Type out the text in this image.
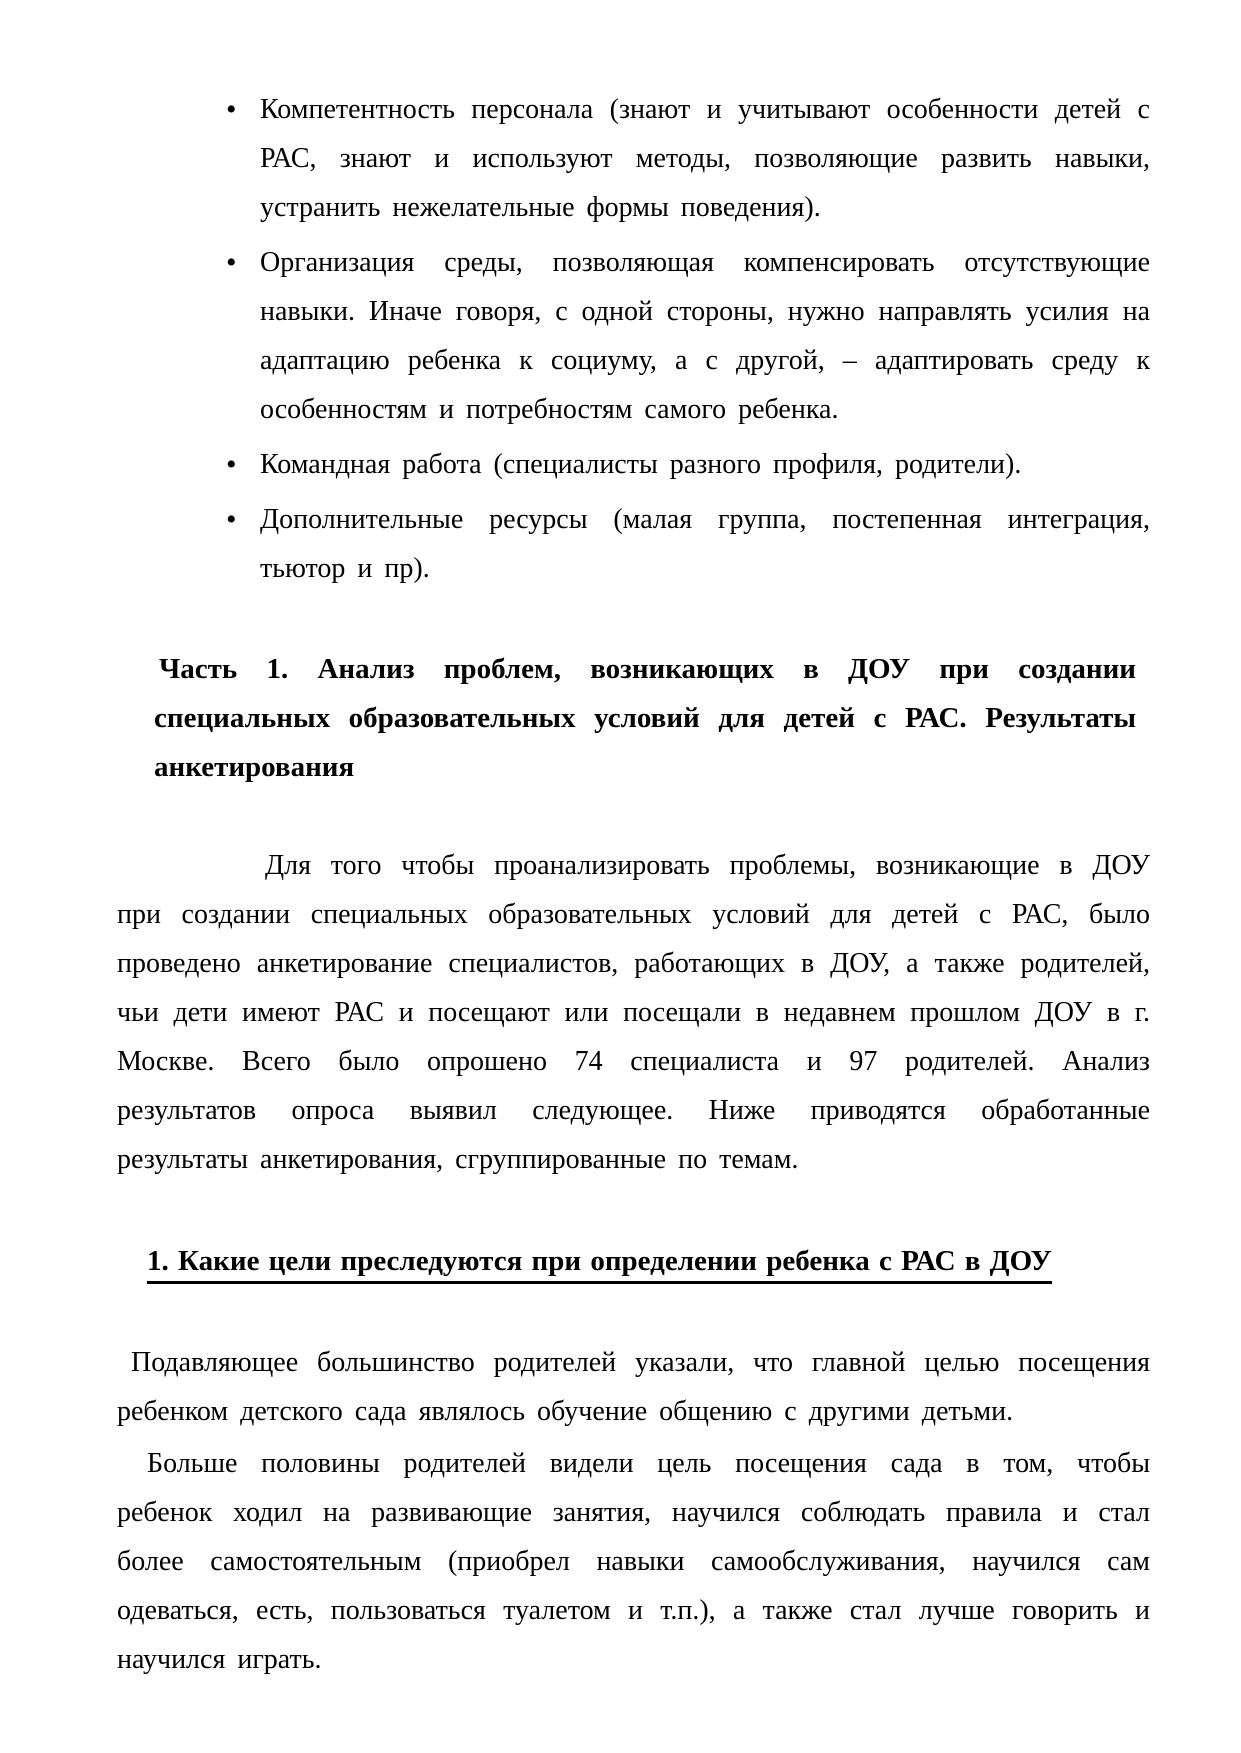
• Компетентность персонала (знают и учитывают особенности детей с РАС, знают и используют методы, позволяющие развить навыки, устранить нежелательные формы поведения).
• Организация среды, позволяющая компенсировать отсутствующие навыки. Иначе говоря, с одной стороны, нужно направлять усилия на адаптацию ребенка к социуму, а с другой, – адаптировать среду к особенностям и потребностям самого ребенка.
• Командная работа (специалисты разного профиля, родители).
• Дополнительные ресурсы (малая группа, постепенная интеграция, тьютор и пр).
Часть 1. Анализ проблем, возникающих в ДОУ при создании специальных образовательных условий для детей с РАС. Результаты анкетирования

Для того чтобы проанализировать проблемы, возникающие в ДОУ при создании специальных образовательных условий для детей с РАС, было проведено анкетирование специалистов, работающих в ДОУ, а также родителей, чьи дети имеют РАС и посещают или посещали в недавнем прошлом ДОУ в г. Москве. Всего было опрошено 74 специалиста и 97 родителей. Анализ результатов опроса выявил следующее. Ниже приводятся обработанные результаты анкетирования, сгруппированные по темам.

1. Какие цели преследуются при определении ребенка с РАС в ДОУ

Подавляющее большинство родителей указали, что главной целью посещения ребенком детского сада являлось обучение общению с другими детьми.

Больше половины родителей видели цель посещения сада в том, чтобы ребенок ходил на развивающие занятия, научился соблюдать правила и стал более самостоятельным (приобрел навыки самообслуживания, научился сам одеваться, есть, пользоваться туалетом и т.п.), а также стал лучше говорить и научился играть.
